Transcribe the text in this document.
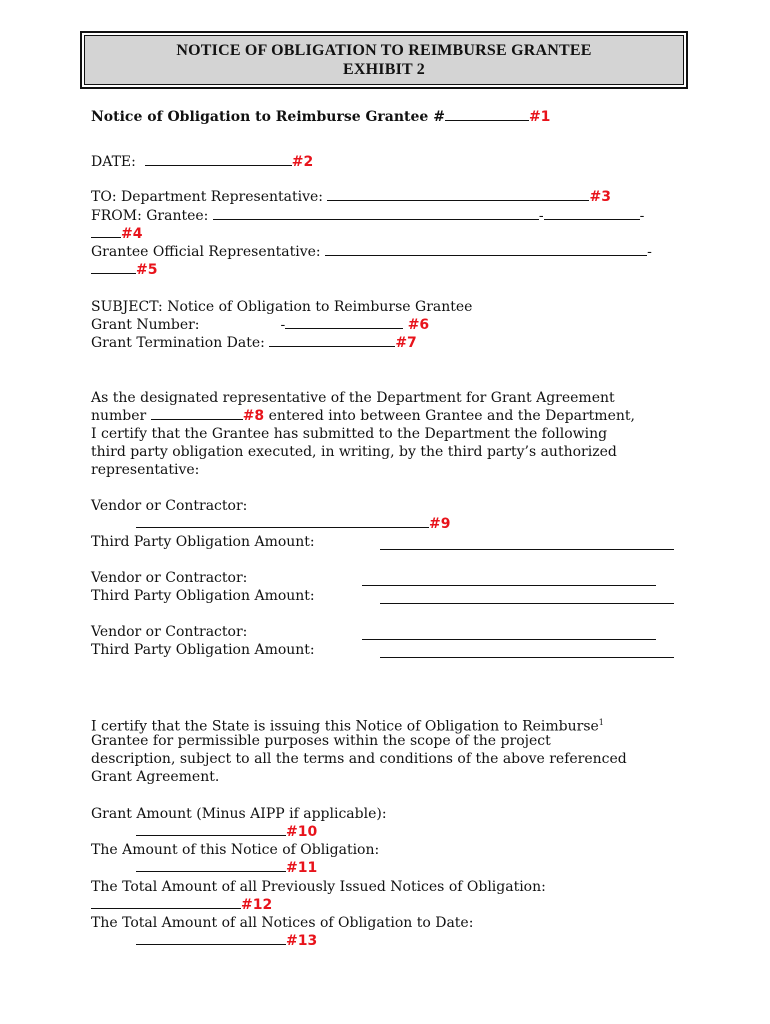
NOTICE OF OBLIGATION TO REIMBURSE GRANTEE
EXHIBIT 2
Notice of Obligation to Reimburse Grantee #	#1
DATE:	#2
TO: Department Representative:	#3
FROM: Grantee:	-	-
#4
Grantee Official Representative:	-
#5
SUBJECT: Notice of Obligation to Reimburse Grantee
Grant Number:	-	#6
Grant Termination Date:	#7
As the designated representative of the Department for Grant Agreement
number	#8 entered into between Grantee and the Department,
I certify that the Grantee has submitted to the Department the following
third party obligation executed, in writing, by the third party’s authorized
representative:
Vendor or Contractor:
#9
Third Party Obligation Amount:
Vendor or Contractor:
Third Party Obligation Amount:
Vendor or Contractor:
Third Party Obligation Amount:
I certify that the State is issuing this Notice of Obligation to Reimburse$^1$
Grantee for permissible purposes within the scope of the project
description, subject to all the terms and conditions of the above referenced
Grant Agreement.
Grant Amount (Minus AIPP if applicable):
#10
The Amount of this Notice of Obligation:
#11
The Total Amount of all Previously Issued Notices of Obligation:
#12
The Total Amount of all Notices of Obligation to Date:
#13
